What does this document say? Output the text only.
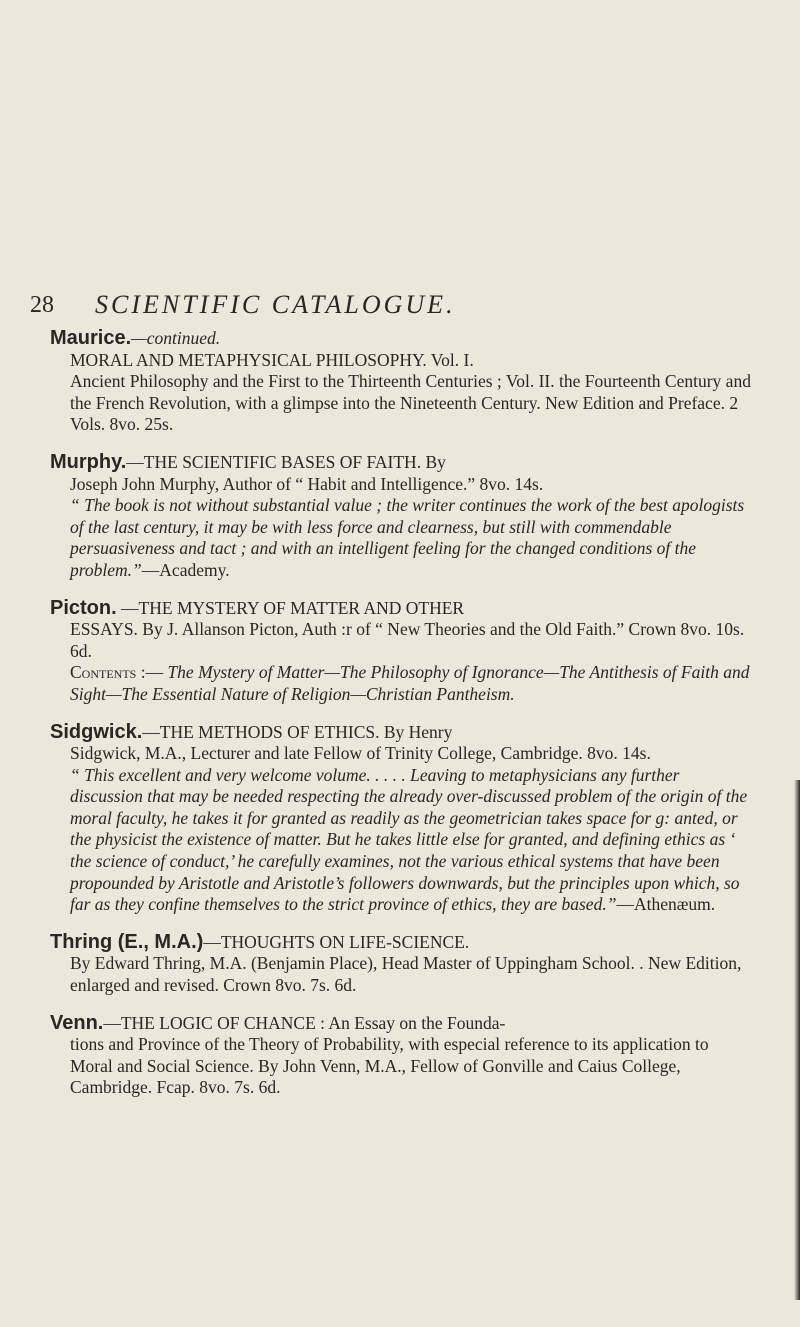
28 SCIENTIFIC CATALOGUE.

Maurice.—continued.

MORAL AND METAPHYSICAL PHILOSOPHY. Vol. I.

Ancient Philosophy and the First to the Thirteenth Centuries ; Vol. II. the Fourteenth Century and the French Revolution, with a glimpse into the Nineteenth Century. New Edition and Preface. 2 Vols. 8vo. 25s.

Murphy.—THE SCIENTIFIC BASES OF FAITH. By

Joseph John Murphy, Author of “ Habit and Intelligence.” 8vo. 14s.

“ The book is not without substantial value ; the writer continues the work of the best apologists of the last century, it may be with less force and clearness, but still with commendable persuasiveness and tact ; and with an intelligent feeling for the changed conditions of the problem.”—Academy.

Picton. —THE MYSTERY OF MATTER AND OTHER

ESSAYS. By J. Allanson Picton, Auth :r of “ New Theories and the Old Faith.” Crown 8vo. 10s. 6d.

Contents :— The Mystery of Matter—The Philosophy of Ignorance—The Antithesis of Faith and Sight—The Essential Nature of Religion—Christian Pantheism.

Sidgwick.—THE METHODS OF ETHICS. By Henry

Sidgwick, M.A., Lecturer and late Fellow of Trinity College, Cambridge. 8vo. 14s.

“ This excellent and very welcome volume. . . . . Leaving to metaphysicians any further discussion that may be needed respecting the already over-discussed problem of the origin of the moral faculty, he takes it for granted as readily as the geometrician takes space for g: anted, or the physicist the existence of matter. But he takes little else for granted, and defining ethics as ‘ the science of conduct,’ he carefully examines, not the various ethical systems that have been propounded by Aristotle and Aristotle’s followers downwards, but the principles upon which, so far as they confine themselves to the strict province of ethics, they are based.”—Athenæum.

Thring (E., M.A.)—THOUGHTS ON LIFE-SCIENCE.

By Edward Thring, M.A. (Benjamin Place), Head Master of Uppingham School. . New Edition, enlarged and revised. Crown 8vo. 7s. 6d.

Venn.—THE LOGIC OF CHANCE : An Essay on the Founda-

tions and Province of the Theory of Probability, with especial reference to its application to Moral and Social Science. By John Venn, M.A., Fellow of Gonville and Caius College, Cambridge. Fcap. 8vo. 7s. 6d.
